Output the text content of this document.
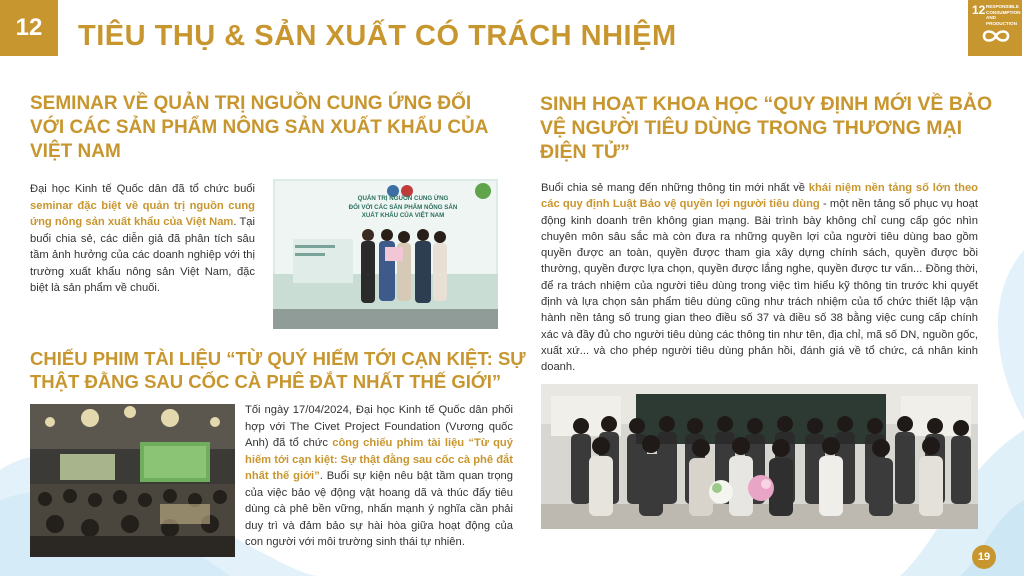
12 TIÊU THỤ & SẢN XUẤT CÓ TRÁCH NHIỆM
12 RESPONSIBLE CONSUMPTION AND PRODUCTION
SEMINAR VỀ QUẢN TRỊ NGUỒN CUNG ỨNG ĐỐI VỚI CÁC SẢN PHẨM NÔNG SẢN XUẤT KHẨU CỦA VIỆT NAM
Đại học Kinh tế Quốc dân đã tổ chức buổi seminar đặc biệt về quản trị nguồn cung ứng nông sản xuất khẩu của Việt Nam. Tại buổi chia sẻ, các diễn giả đã phân tích sâu tầm ảnh hưởng của các doanh nghiệp với thị trường xuất khẩu nông sản Việt Nam, đặc biệt là sản phẩm về chuối.
QUẢN TRỊ NGUỒN CUNG ỨNG
ĐỐI VỚI CÁC SẢN PHẨM NÔNG SẢN
XUẤT KHẨU CỦA VIỆT NAM
SINH HOẠT KHOA HỌC “QUY ĐỊNH MỚI VỀ BẢO VỆ NGƯỜI TIÊU DÙNG TRONG THƯƠNG MẠI ĐIỆN TỬ”
Buổi chia sẻ mang đến những thông tin mới nhất về khái niệm nền tảng số lớn theo các quy định Luật Bảo vệ quyền lợi người tiêu dùng - một nền tảng số phục vụ hoạt động kinh doanh trên không gian mạng. Bài trình bày không chỉ cung cấp góc nhìn chuyên môn sâu sắc mà còn đưa ra những quyền lợi của người tiêu dùng bao gồm quyền được an toàn, quyền được tham gia xây dựng chính sách, quyền được bồi thường, quyền được lựa chọn, quyền được lắng nghe, quyền được tư vấn... Đồng thời, để ra trách nhiệm của người tiêu dùng trong việc tìm hiểu kỹ thông tin trước khi quyết định và lựa chọn sản phẩm tiêu dùng cũng như trách nhiệm của tổ chức thiết lập vận hành nền tảng số trung gian theo điều số 37 và điều số 38 bằng việc cung cấp chính xác và đầy đủ cho người tiêu dùng các thông tin như tên, địa chỉ, mã số DN, nguồn gốc, xuất xứ... và cho phép người tiêu dùng phản hồi, đánh giá về tổ chức, cá nhân kinh doanh.
CHIẾU PHIM TÀI LIỆU “TỪ QUÝ HIẾM TỚI CẠN KIỆT: SỰ THẬT ĐẰNG SAU CỐC CÀ PHÊ ĐẮT NHẤT THẾ GIỚI”
Tối ngày 17/04/2024, Đại học Kinh tế Quốc dân phối hợp với The Civet Project Foundation (Vương quốc Anh) đã tổ chức công chiếu phim tài liệu “Từ quý hiếm tới cạn kiệt: Sự thật đằng sau cốc cà phê đắt nhất thế giới”. Buổi sự kiện nêu bật tầm quan trọng của việc bảo vệ động vật hoang dã và thúc đẩy tiêu dùng cà phê bền vững, nhấn mạnh ý nghĩa cần phải duy trì và đảm bảo sự hài hòa giữa hoạt động của con người với môi trường sinh thái tự nhiên.
19
